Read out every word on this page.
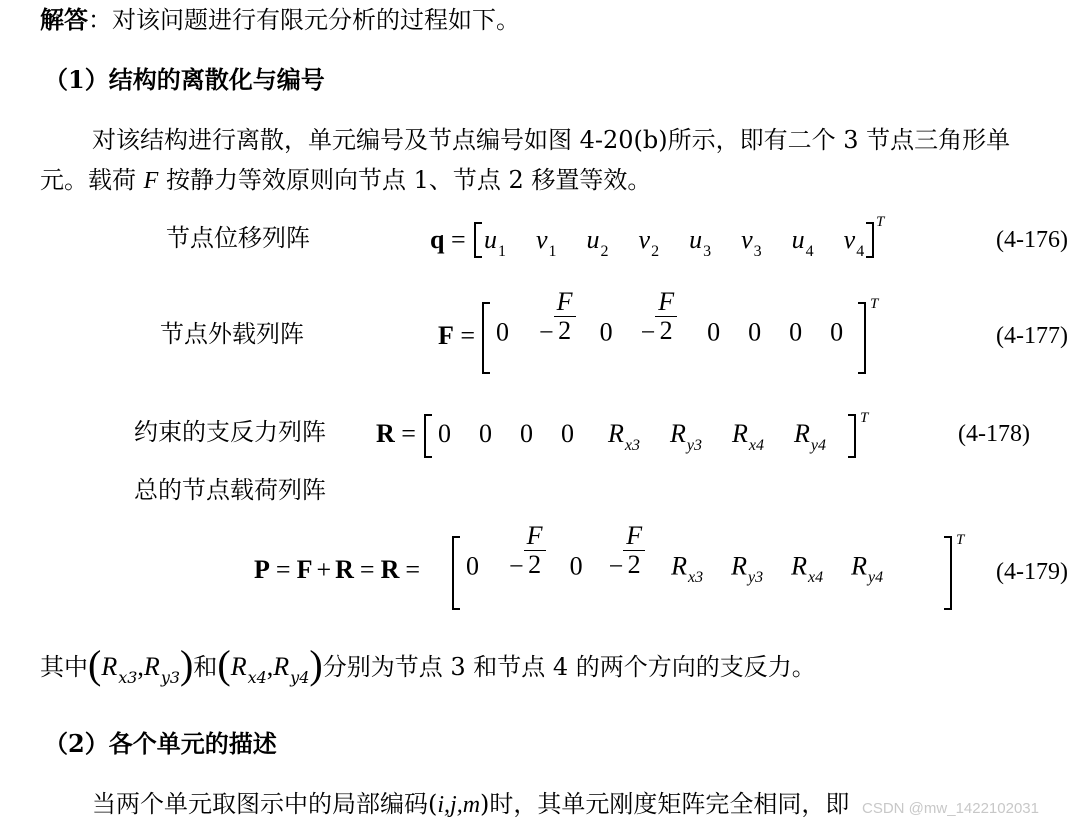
解答：对该问题进行有限元分析的过程如下。
（1）结构的离散化与编号
对该结构进行离散，单元编号及节点编号如图 4-20(b)所示，即有二个 3 节点三角形单
元。载荷 F 按静力等效原则向节点 1、节点 2 移置等效。
节点位移列阵	$q = u_1$ $v_1$ $u_2$ $v_2$ $u_3$ $v_3$ $u_4$ $v_4$
T
(4-176)
节点外载列阵	$F = 0 - \frac{F}{2} 0 - \frac{F}{2} 0$ 0 0 0
T
(4-177)
约束的支反力列阵 R = 0 0 0 0 $R_{x3}$ $R_{y3}$ $R_{x4}$ $R_{y4}$
T
(4-178)
总的节点载荷列阵
$P = F + R = R = 0 - \frac{F}{2} 0 - \frac{F}{2} R_{x3}$ $R_{y3}$ $R_{x4}$ $R_{y4}$
T
(4-179)
其中$(R_{x3},R_{y3})$和$(R_{x4},R_{y4})$分别为节点 3 和节点 4 的两个方向的支反力。
（2）各个单元的描述
当两个单元取图示中的局部编码(i,j,m)时，其单元刚度矩阵完全相同，即 CSDN @mw_1422102031
